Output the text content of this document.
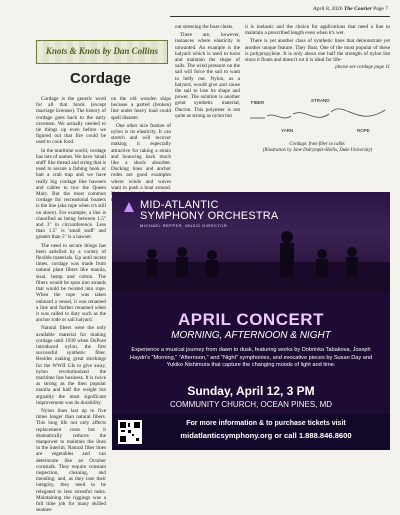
April 8, 2026 The Courier Page 7
Knots & Knots by Dan Collins
Cordage

Cordage is the generic word for all that binds (except marriage licenses). The history of cordage goes back to the early cavemen. We actually needed to tie things up even before we figured out that fire could be used to cook food.

In the maritime world, cordage has lots of names. We have 'small stuff' like thread and string that is used to secure a fishing hook or bait a crab trap and we have really big cordage like hawsers and cables to tow the Queen Mary. But the most common cordage for recreational boaters is the line (aka rope when it's still on shore). For example, a line is classified as being between 1.5" and 3" in circumference. Less than 1.5" is 'small stuff' and greater than 5" is a hawser.

The need to secure things has been satisfied by a variety of flexible materials. Up until recent times, cordage was made from natural plant fibers like manila, sisal, hemp and cotton. The fibers would be spun into strands that would be twisted into rope. When the rope was taken onboard a vessel, it was renamed a line and further renamed when it was called to duty such as the anchor rode or sail halyard.

Natural fibers were the only available material for making cordage until 1930 when DuPont introduced nylon, the first successful synthetic fiber. Besides making great stockings for the WWII GIs to give away, nylon revolutionized the maritime line business. It is twice as strong as the then popular manila and half the weight but arguably the most significant improvement was its durability.

Nylon lines last up to five times longer than natural fibers. This long life not only affects replacement costs but it dramatically reduces the manpower to maintain the lines in the interim. Natural fiber lines are vegetables and can deteriorate like an October cornstalk. They require constant inspection, cleaning, and mending; and, as they lose their integrity, they need to be relegated to less stressful tasks. Maintaining the riggings was a full time job for many skilled seamen

on the old wooden ships because a parted (broken) line under heavy load could spell disaster.

One other nice feature of nylon is its elasticity. It can stretch and will recover making it especially attractive for taking a strain and bouncing back much like a shock absorber. Docking lines and anchor rodes are good examples where winds and waves want to push a boat around.

out stressing the boat cleats.

There are, however, instances where elasticity is unwanted. An example is the halyard which is used to hoist and maintain the shape of sails. The wind pressure on the sail will force the sail to want to belly out. Nylon, as a halyard, would give and cause the sail to lose its shape and power. The solution is another great synthetic material, Dacron. This polyester is not quite as strong as nylon but

it is inelastic and the choice for applications that need a line to maintain a prescribed length even when it's wet.

There is yet another class of synthetic lines that demonstrate yet another unique feature. They float. One of the most popular of these is polypropylene. It is only about one half the strength of nylon but since it floats and doesn't rot it is ideal for life-

please see cordage page 11

FIBER
YARN
STRAND
ROPE
Cordage: from fiber to cable.
(Illustration by Jane Dalrymple-Hollis, Duke University)
MID-ATLANTIC
SYMPHONY ORCHESTRA
MICHAEL REPPER, MUSIC DIRECTOR
APRIL CONCERT
MORNING, AFTERNOON & NIGHT
Experience a musical journey from dawn to dusk, featuring works by Dobrinka Tabakova, Joseph Haydn's "Morning," "Afternoon," and "Night" symphonies, and evocative pieces by Susan Day and Yukiko Nishimura that capture the changing moods of light and time.
Sunday, April 12, 3 PM
COMMUNITY CHURCH, OCEAN PINES, MD
For more information & to purchase tickets visit
midatlanticsymphony.org or call 1.888.846.8600
